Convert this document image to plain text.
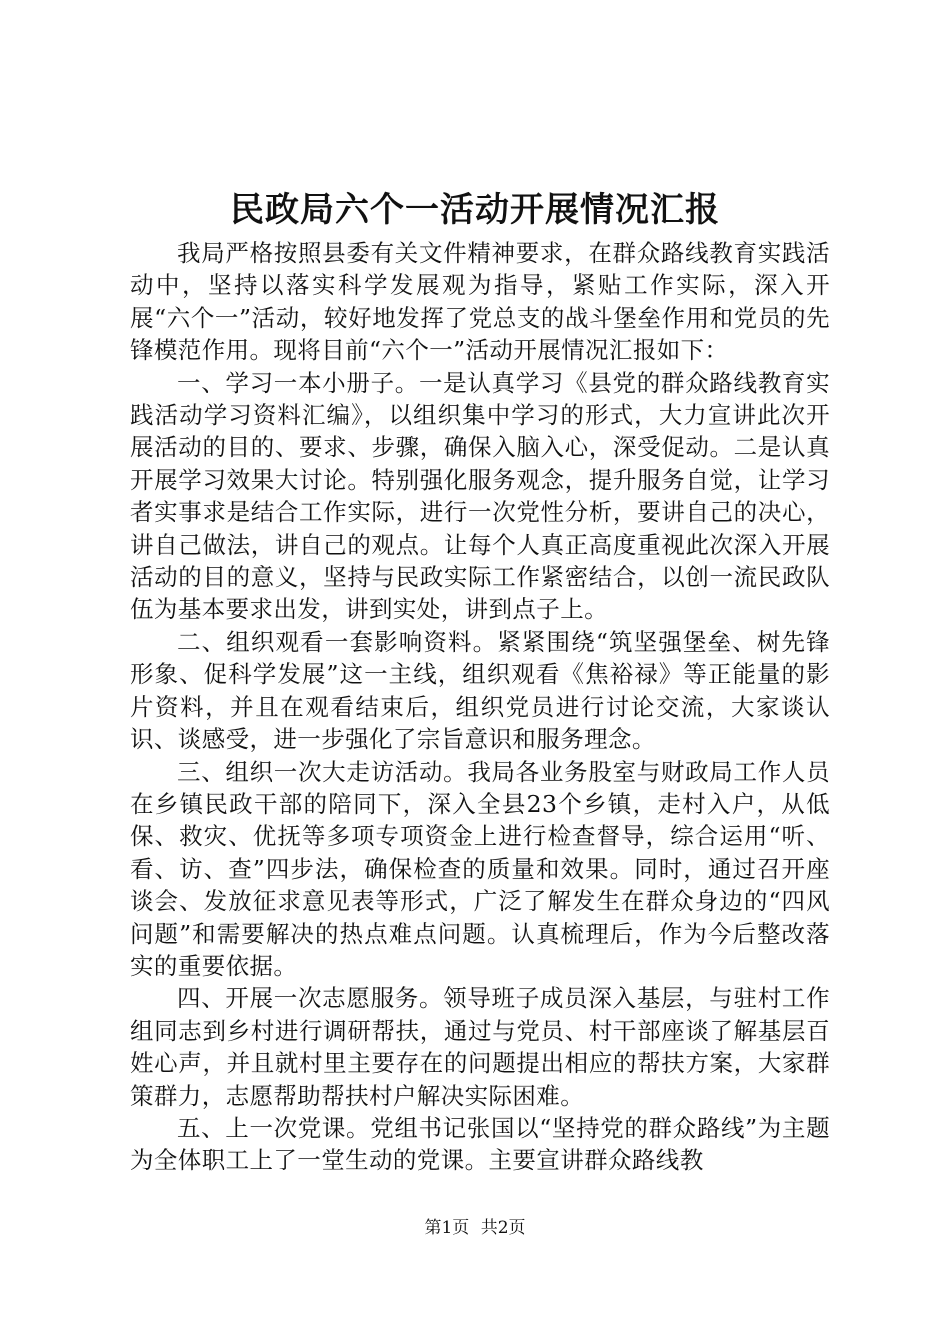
民政局六个一活动开展情况汇报

我局严格按照县委有关文件精神要求，在群众路线教育实践活动中，坚持以落实科学发展观为指导，紧贴工作实际，深入开展“六个一”活动，较好地发挥了党总支的战斗堡垒作用和党员的先锋模范作用。现将目前“六个一”活动开展情况汇报如下：

一、学习一本小册子。一是认真学习《县党的群众路线教育实践活动学习资料汇编》，以组织集中学习的形式，大力宣讲此次开展活动的目的、要求、步骤，确保入脑入心，深受促动。二是认真开展学习效果大讨论。特别强化服务观念，提升服务自觉，让学习者实事求是结合工作实际，进行一次党性分析，要讲自己的决心，讲自己做法，讲自己的观点。让每个人真正高度重视此次深入开展活动的目的意义，坚持与民政实际工作紧密结合，以创一流民政队伍为基本要求出发，讲到实处，讲到点子上。

二、组织观看一套影响资料。紧紧围绕“筑坚强堡垒、树先锋形象、促科学发展”这一主线，组织观看《焦裕禄》等正能量的影片资料，并且在观看结束后，组织党员进行讨论交流，大家谈认识、谈感受，进一步强化了宗旨意识和服务理念。

三、组织一次大走访活动。我局各业务股室与财政局工作人员在乡镇民政干部的陪同下，深入全县23个乡镇，走村入户，从低保、救灾、优抚等多项专项资金上进行检查督导，综合运用“听、看、访、查”四步法，确保检查的质量和效果。同时，通过召开座谈会、发放征求意见表等形式，广泛了解发生在群众身边的“四风问题”和需要解决的热点难点问题。认真梳理后，作为今后整改落实的重要依据。

四、开展一次志愿服务。领导班子成员深入基层，与驻村工作组同志到乡村进行调研帮扶，通过与党员、村干部座谈了解基层百姓心声，并且就村里主要存在的问题提出相应的帮扶方案，大家群策群力，志愿帮助帮扶村户解决实际困难。

五、上一次党课。党组书记张国以“坚持党的群众路线”为主题为全体职工上了一堂生动的党课。主要宣讲群众路线教

第1页 共2页
